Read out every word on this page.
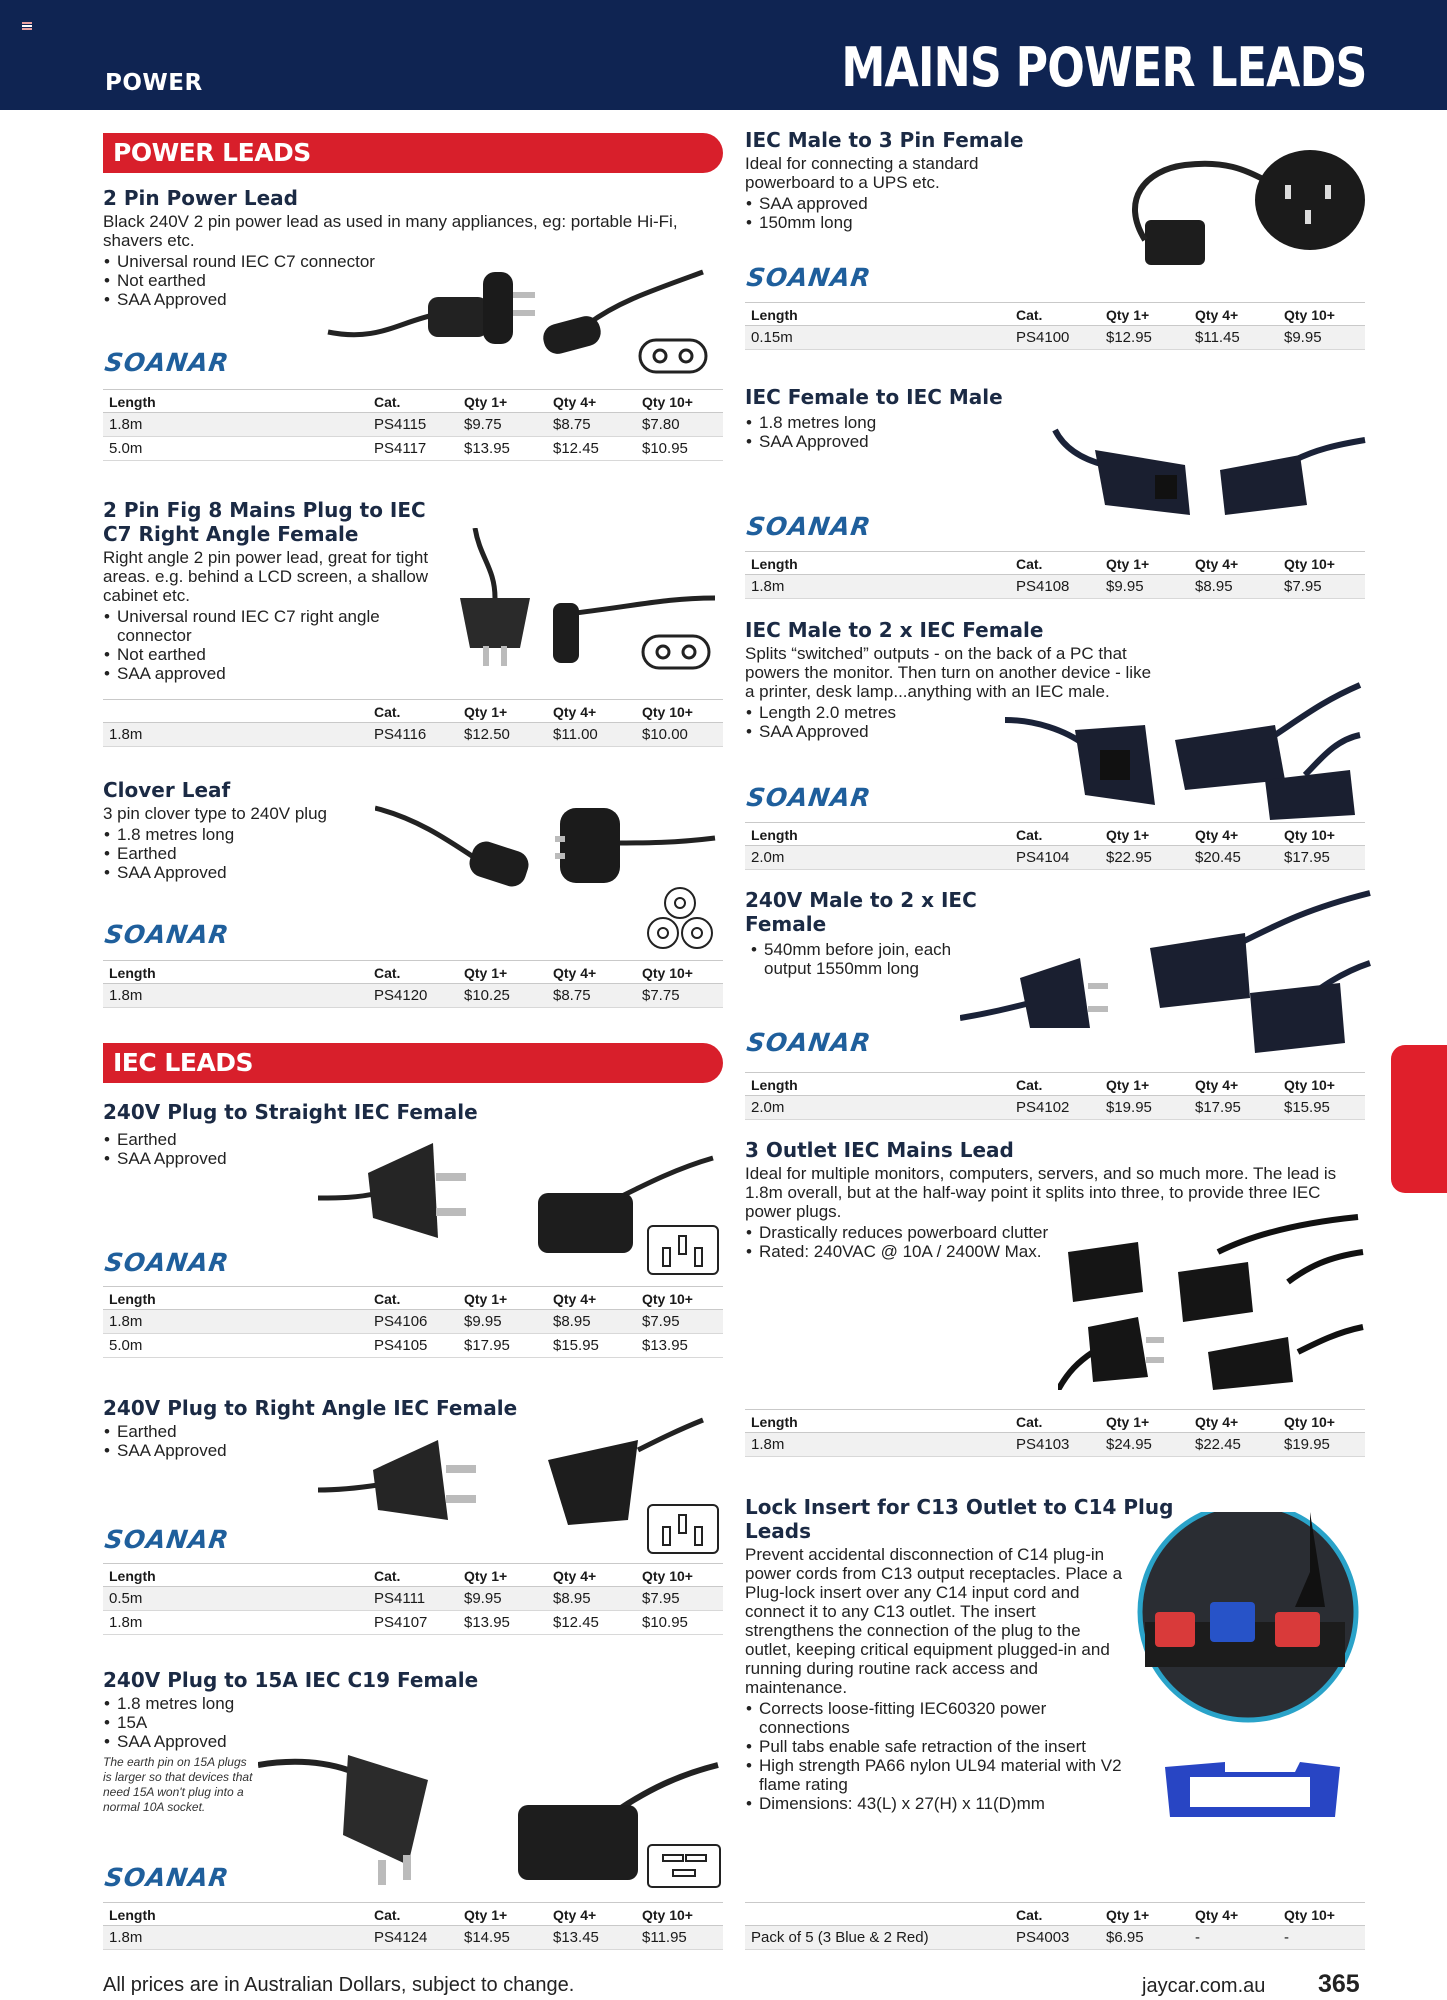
POWER	MAINS POWER LEADS
POWER LEADS
2 Pin Power Lead
Black 240V 2 pin power lead as used in many appliances, eg: portable Hi-Fi, shavers etc.
• Universal round IEC C7 connector
• Not earthed
• SAA Approved
SOANAR
Length	Cat.	Qty 1+	Qty 4+	Qty 10+
1.8m	PS4115	$9.75	$8.75	$7.80
5.0m	PS4117	$13.95	$12.45	$10.95
2 Pin Fig 8 Mains Plug to IEC C7 Right Angle Female
Right angle 2 pin power lead, great for tight areas. e.g. behind a LCD screen, a shallow cabinet etc.
• Universal round IEC C7 right angle connector
• Not earthed
• SAA approved
	Cat.	Qty 1+	Qty 4+	Qty 10+
1.8m	PS4116	$12.50	$11.00	$10.00
Clover Leaf
3 pin clover type to 240V plug
• 1.8 metres long
• Earthed
• SAA Approved
SOANAR
Length	Cat.	Qty 1+	Qty 4+	Qty 10+
1.8m	PS4120	$10.25	$8.75	$7.75
IEC LEADS
240V Plug to Straight IEC Female
• Earthed
• SAA Approved
SOANAR
Length	Cat.	Qty 1+	Qty 4+	Qty 10+
1.8m	PS4106	$9.95	$8.95	$7.95
5.0m	PS4105	$17.95	$15.95	$13.95
240V Plug to Right Angle IEC Female
• Earthed
• SAA Approved
SOANAR
Length	Cat.	Qty 1+	Qty 4+	Qty 10+
0.5m	PS4111	$9.95	$8.95	$7.95
1.8m	PS4107	$13.95	$12.45	$10.95
240V Plug to 15A IEC C19 Female
• 1.8 metres long
• 15A
• SAA Approved
The earth pin on 15A plugs is larger so that devices that need 15A won't plug into a normal 10A socket.
SOANAR
Length	Cat.	Qty 1+	Qty 4+	Qty 10+
1.8m	PS4124	$14.95	$13.45	$11.95
IEC Male to 3 Pin Female
Ideal for connecting a standard powerboard to a UPS etc.
• SAA approved
• 150mm long
SOANAR
Length	Cat.	Qty 1+	Qty 4+	Qty 10+
0.15m	PS4100	$12.95	$11.45	$9.95
IEC Female to IEC Male
• 1.8 metres long
• SAA Approved
SOANAR
Length	Cat.	Qty 1+	Qty 4+	Qty 10+
1.8m	PS4108	$9.95	$8.95	$7.95
IEC Male to 2 x IEC Female
Splits “switched” outputs - on the back of a PC that powers the monitor. Then turn on another device - like a printer, desk lamp...anything with an IEC male.
• Length 2.0 metres
• SAA Approved
SOANAR
Length	Cat.	Qty 1+	Qty 4+	Qty 10+
2.0m	PS4104	$22.95	$20.45	$17.95
240V Male to 2 x IEC Female
• 540mm before join, each output 1550mm long
SOANAR
Length	Cat.	Qty 1+	Qty 4+	Qty 10+
2.0m	PS4102	$19.95	$17.95	$15.95
3 Outlet IEC Mains Lead
Ideal for multiple monitors, computers, servers, and so much more. The lead is 1.8m overall, but at the half-way point it splits into three, to provide three IEC power plugs.
• Drastically reduces powerboard clutter
• Rated: 240VAC @ 10A / 2400W Max.
Length	Cat.	Qty 1+	Qty 4+	Qty 10+
1.8m	PS4103	$24.95	$22.45	$19.95
Lock Insert for C13 Outlet to C14 Plug Leads
Prevent accidental disconnection of C14 plug-in power cords from C13 output receptacles. Place a Plug-lock insert over any C14 input cord and connect it to any C13 outlet. The insert strengthens the connection of the plug to the outlet, keeping critical equipment plugged-in and running during routine rack access and maintenance.
• Corrects loose-fitting IEC60320 power connections
• Pull tabs enable safe retraction of the insert
• High strength PA66 nylon UL94 material with V2 flame rating
• Dimensions: 43(L) x 27(H) x 11(D)mm
	Cat.	Qty 1+	Qty 4+	Qty 10+
Pack of 5 (3 Blue & 2 Red)	PS4003	$6.95	-	-
All prices are in Australian Dollars, subject to change.	jaycar.com.au 365
